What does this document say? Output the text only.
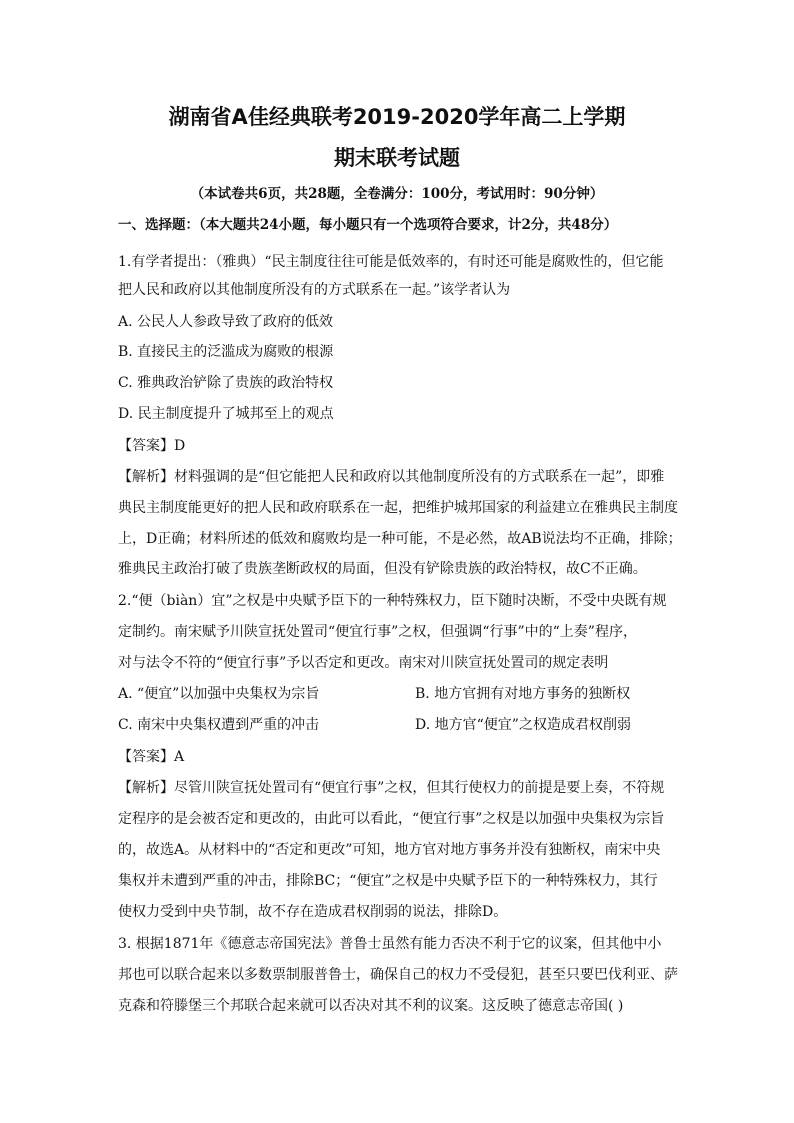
湖南省A佳经典联考2019-2020学年高二上学期
期末联考试题
（本试卷共6页，共28题，全卷满分：100分，考试用时：90分钟）
一、选择题：（本大题共24小题，每小题只有一个选项符合要求，计2分，共48分）
1.有学者提出：（雅典）“民主制度往往可能是低效率的，有时还可能是腐败性的，但它能
把人民和政府以其他制度所没有的方式联系在一起。”该学者认为
A. 公民人人参政导致了政府的低效
B. 直接民主的泛滥成为腐败的根源
C. 雅典政治铲除了贵族的政治特权
D. 民主制度提升了城邦至上的观点
【答案】D
【解析】材料强调的是“但它能把人民和政府以其他制度所没有的方式联系在一起”，即雅
典民主制度能更好的把人民和政府联系在一起，把维护城邦国家的利益建立在雅典民主制度
上，D正确；材料所述的低效和腐败均是一种可能，不是必然，故AB说法均不正确，排除；
雅典民主政治打破了贵族垄断政权的局面，但没有铲除贵族的政治特权，故C不正确。
2.“便（biàn）宜”之权是中央赋予臣下的一种特殊权力，臣下随时决断，不受中央既有规
定制约。南宋赋予川陕宣抚处置司“便宜行事”之权，但强调“行事”中的“上奏”程序，
对与法令不符的“便宜行事”予以否定和更改。南宋对川陕宣抚处置司的规定表明
A. “便宜”以加强中央集权为宗旨	B. 地方官拥有对地方事务的独断权
C. 南宋中央集权遭到严重的冲击	D. 地方官“便宜”之权造成君权削弱
【答案】A
【解析】尽管川陕宣抚处置司有“便宜行事”之权，但其行使权力的前提是要上奏，不符规
定程序的是会被否定和更改的，由此可以看此，“便宜行事”之权是以加强中央集权为宗旨
的，故选A。从材料中的“否定和更改”可知，地方官对地方事务并没有独断权，南宋中央
集权并未遭到严重的冲击，排除BC；“便宜”之权是中央赋予臣下的一种特殊权力，其行
使权力受到中央节制，故不存在造成君权削弱的说法，排除D。
3. 根据1871年《德意志帝国宪法》普鲁士虽然有能力否决不利于它的议案，但其他中小
邦也可以联合起来以多数票制服普鲁士，确保自己的权力不受侵犯，甚至只要巴伐利亚、萨
克森和符滕堡三个邦联合起来就可以否决对其不利的议案。这反映了德意志帝国( )
